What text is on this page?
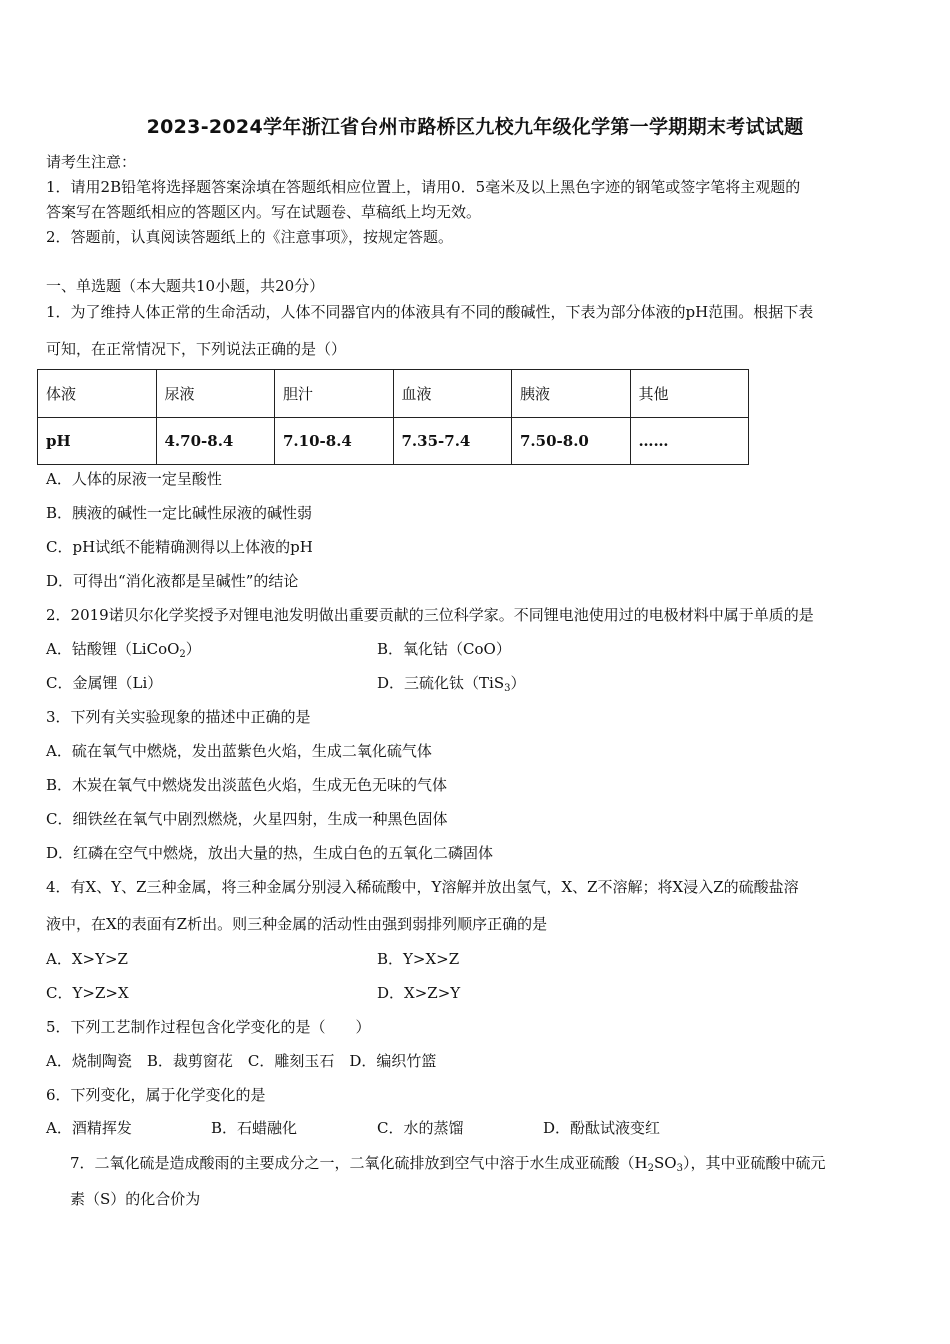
2023-2024学年浙江省台州市路桥区九校九年级化学第一学期期末考试试题
请考生注意：
1．请用2B铅笔将选择题答案涂填在答题纸相应位置上，请用0．5毫米及以上黑色字迹的钢笔或签字笔将主观题的
答案写在答题纸相应的答题区内。写在试题卷、草稿纸上均无效。
2．答题前，认真阅读答题纸上的《注意事项》，按规定答题。
一、单选题（本大题共10小题，共20分）
1．为了维持人体正常的生命活动，人体不同器官内的体液具有不同的酸碱性，下表为部分体液的pH范围。根据下表
可知，在正常情况下，下列说法正确的是（）
体液	尿液	胆汁	血液	胰液	其他
pH	4.70-8.4	7.10-8.4	7.35-7.4	7.50-8.0	……
A．人体的尿液一定呈酸性
B．胰液的碱性一定比碱性尿液的碱性弱
C．pH试纸不能精确测得以上体液的pH
D．可得出“消化液都是呈碱性”的结论
2．2019诺贝尔化学奖授予对锂电池发明做出重要贡献的三位科学家。不同锂电池使用过的电极材料中属于单质的是
A．钴酸锂（LiCoO$_2$）	B．氧化钴（CoO）
C．金属锂（Li）	D．三硫化钛（TiS$_3$）
3．下列有关实验现象的描述中正确的是
A．硫在氧气中燃烧，发出蓝紫色火焰，生成二氧化硫气体
B．木炭在氧气中燃烧发出淡蓝色火焰，生成无色无味的气体
C．细铁丝在氧气中剧烈燃烧，火星四射，生成一种黑色固体
D．红磷在空气中燃烧，放出大量的热，生成白色的五氧化二磷固体
4．有X、Y、Z三种金属，将三种金属分别浸入稀硫酸中，Y溶解并放出氢气，X、Z不溶解；将X浸入Z的硫酸盐溶
液中，在X的表面有Z析出。则三种金属的活动性由强到弱排列顺序正确的是
A．X>Y>Z	B．Y>X>Z
C．Y>Z>X	D．X>Z>Y
5．下列工艺制作过程包含化学变化的是（　　）
A．烧制陶瓷　B．裁剪窗花　C．雕刻玉石　D．编织竹篮
6．下列变化，属于化学变化的是
A．酒精挥发	B．石蜡融化	C．水的蒸馏	D．酚酞试液变红
7．二氧化硫是造成酸雨的主要成分之一，二氧化硫排放到空气中溶于水生成亚硫酸$(H_2SO_3)$，其中亚硫酸中硫元
素（S）的化合价为
